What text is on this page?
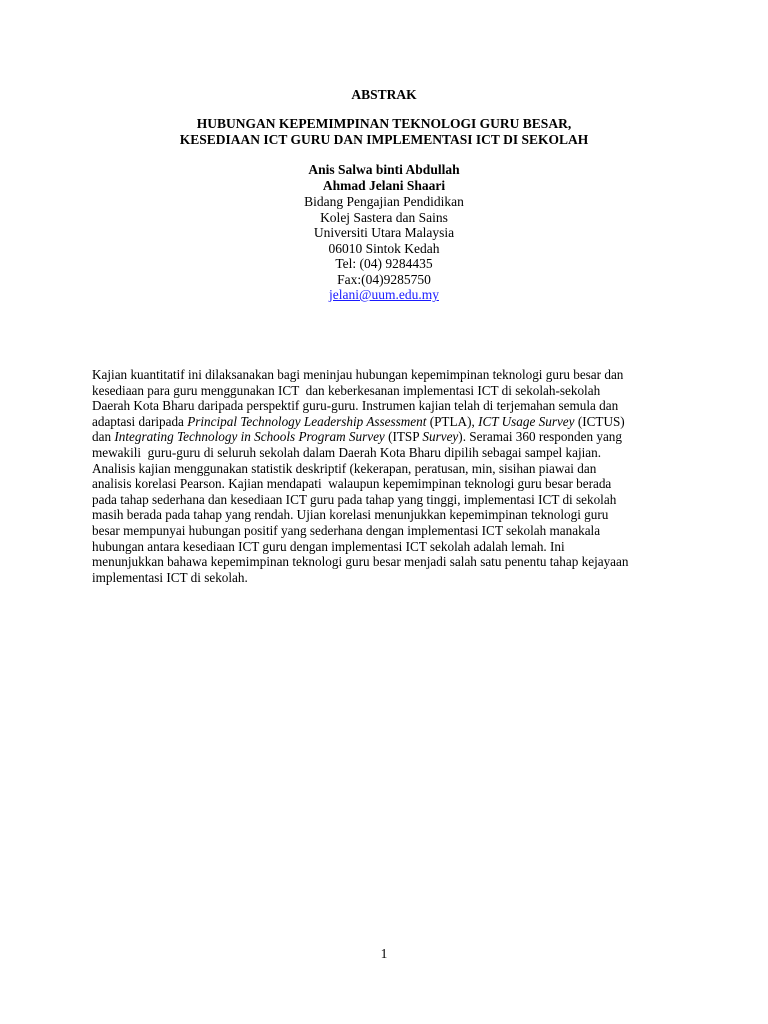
ABSTRAK

HUBUNGAN KEPEMIMPINAN TEKNOLOGI GURU BESAR,
KESEDIAAN ICT GURU DAN IMPLEMENTASI ICT DI SEKOLAH

Anis Salwa binti Abdullah

Ahmad Jelani Shaari

Bidang Pengajian Pendidikan

Kolej Sastera dan Sains

Universiti Utara Malaysia

06010 Sintok Kedah

Tel: (04) 9284435

Fax:(04)9285750

jelani@uum.edu.my

Kajian kuantitatif ini dilaksanakan bagi meninjau hubungan kepemimpinan teknologi guru besar dan

kesediaan para guru menggunakan ICT  dan keberkesanan implementasi ICT di sekolah-sekolah

Daerah Kota Bharu daripada perspektif guru-guru. Instrumen kajian telah di terjemahan semula dan

adaptasi daripada Principal Technology Leadership Assessment (PTLA), ICT Usage Survey (ICTUS)

dan Integrating Technology in Schools Program Survey (ITSP Survey). Seramai 360 responden yang

mewakili  guru-guru di seluruh sekolah dalam Daerah Kota Bharu dipilih sebagai sampel kajian.

Analisis kajian menggunakan statistik deskriptif (kekerapan, peratusan, min, sisihan piawai dan

analisis korelasi Pearson. Kajian mendapati  walaupun kepemimpinan teknologi guru besar berada

pada tahap sederhana dan kesediaan ICT guru pada tahap yang tinggi, implementasi ICT di sekolah

masih berada pada tahap yang rendah. Ujian korelasi menunjukkan kepemimpinan teknologi guru

besar mempunyai hubungan positif yang sederhana dengan implementasi ICT sekolah manakala

hubungan antara kesediaan ICT guru dengan implementasi ICT sekolah adalah lemah. Ini

menunjukkan bahawa kepemimpinan teknologi guru besar menjadi salah satu penentu tahap kejayaan

implementasi ICT di sekolah.

1
